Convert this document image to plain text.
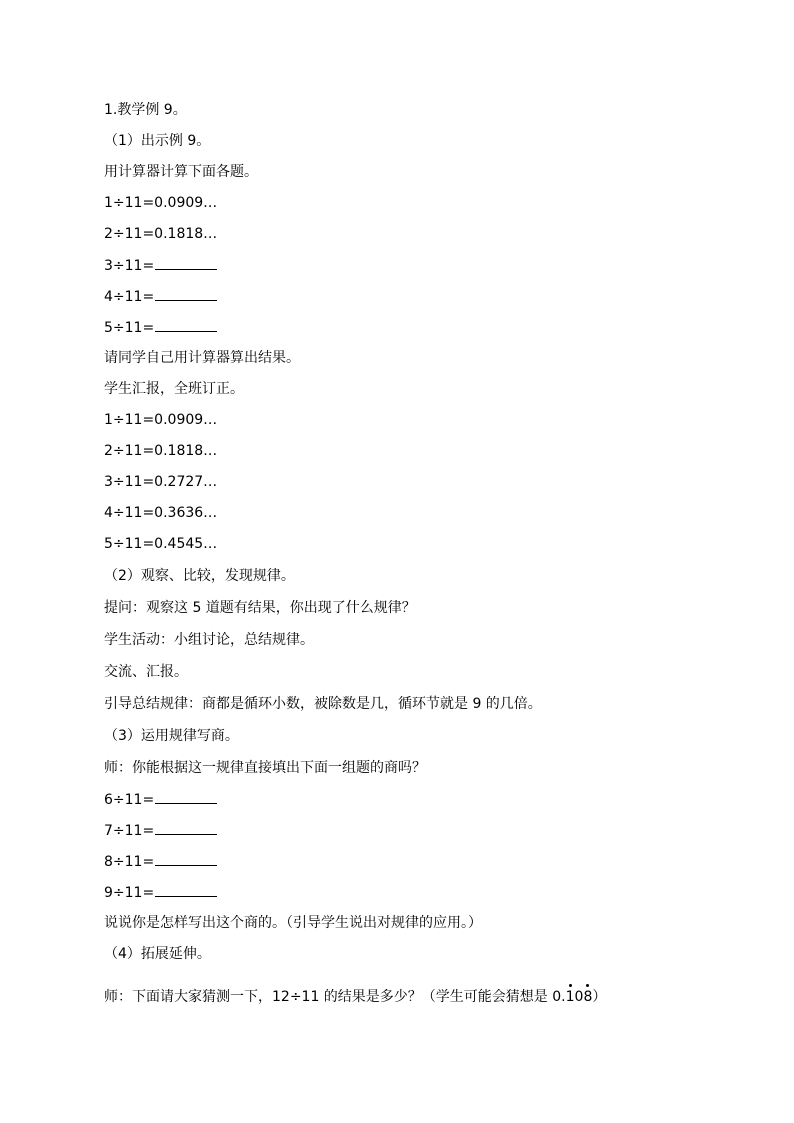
1.教学例 9。
（1）出示例 9。
用计算器计算下面各题。
1÷11=0.0909…
2÷11=0.1818…
3÷11=
4÷11=
5÷11=
请同学自己用计算器算出结果。
学生汇报，全班订正。
1÷11=0.0909…
2÷11=0.1818…
3÷11=0.2727…
4÷11=0.3636…
5÷11=0.4545…
（2）观察、比较，发现规律。
提问：观察这 5 道题有结果，你出现了什么规律？
学生活动：小组讨论，总结规律。
交流、汇报。
引导总结规律：商都是循环小数，被除数是几，循环节就是 9 的几倍。
（3）运用规律写商。
师：你能根据这一规律直接填出下面一组题的商吗？
6÷11=
7÷11=
8÷11=
9÷11=
说说你是怎样写出这个商的。（引导学生说出对规律的应用。）
（4）拓展延伸。
师：下面请大家猜测一下，12÷11 的结果是多少？（学生可能会猜想是 0.108）
